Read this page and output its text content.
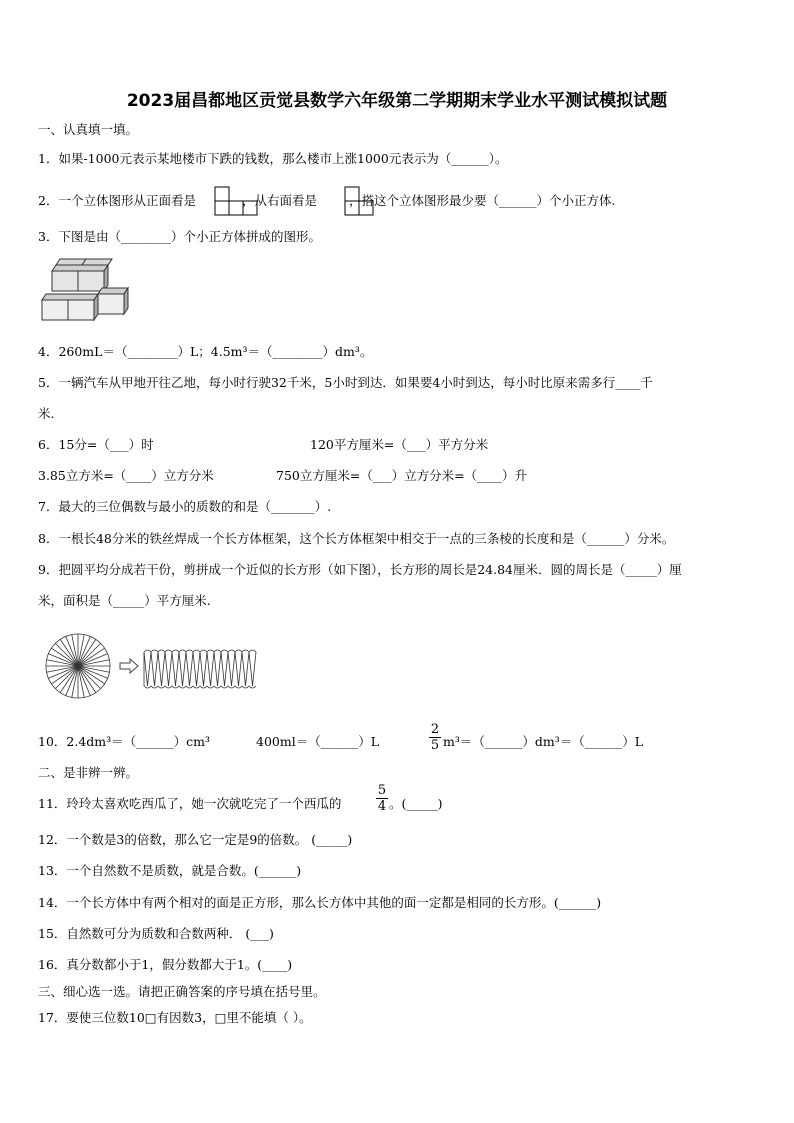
2023届昌都地区贡觉县数学六年级第二学期期末学业水平测试模拟试题
一、认真填一填。
1．如果-1000元表示某地楼市下跌的钱数，那么楼市上涨1000元表示为（______）。
2．一个立体图形从正面看是	，从右面看是	，搭这个立体图形最少要（______）个小正方体.
3．下图是由（________）个小正方体拼成的图形。
4．260mL＝（________）L；4.5m³＝（________）dm³。
5．一辆汽车从甲地开往乙地，每小时行驶32千米，5小时到达．如果要4小时到达，每小时比原来需多行____千
米.
6．15分=（___）时	120平方厘米=（___）平方分米
3.85立方米=（____）立方分米	750立方厘米=（___）立方分米=（____）升
7．最大的三位偶数与最小的质数的和是（_______）.
8．一根长48分米的铁丝焊成一个长方体框架，这个长方体框架中相交于一点的三条棱的长度和是（______）分米。
9．把圆平均分成若干份，剪拼成一个近似的长方形（如下图），长方形的周长是24.84厘米．圆的周长是（_____）厘
米，面积是（_____）平方厘米.
10．2.4dm³＝（______）cm³	400ml＝（______）L
2
5 m³＝（______）dm³＝（______）L
二、是非辨一辨。
11．玲玲太喜欢吃西瓜了，她一次就吃完了一个西瓜的
5
4 。(_____)
12．一个数是3的倍数，那么它一定是9的倍数。 (_____)
13．一个自然数不是质数，就是合数。(______)
14．一个长方体中有两个相对的面是正方形，那么长方体中其他的面一定都是相同的长方形。(______)
15．自然数可分为质数和合数两种． (___)
16．真分数都小于1，假分数都大于1。(____)
三、细心选一选。请把正确答案的序号填在括号里。
17．要使三位数10□有因数3，□里不能填（ ）。
